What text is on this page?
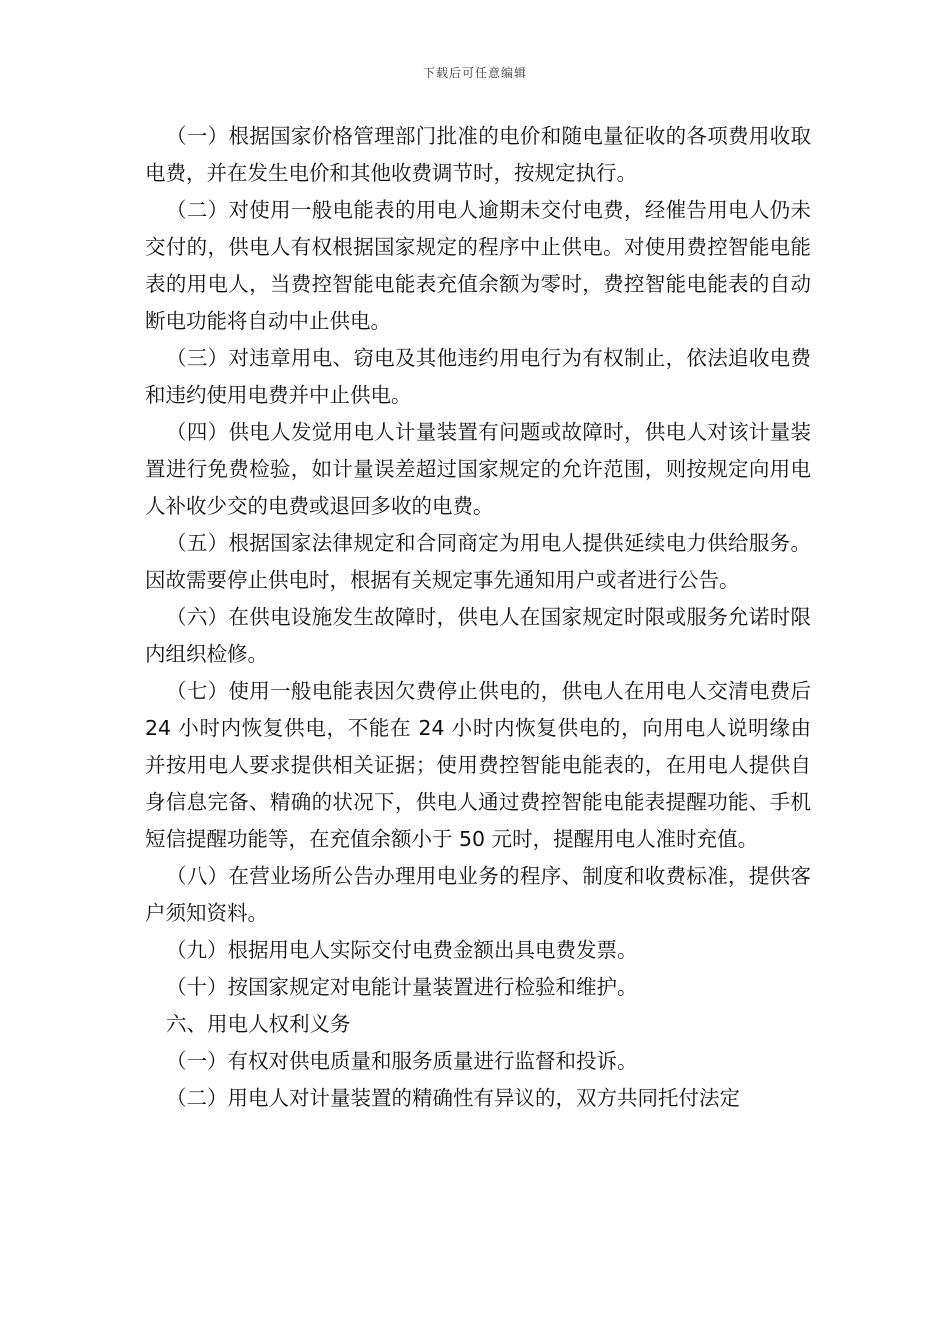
下载后可任意编辑

（一）根据国家价格管理部门批准的电价和随电量征收的各项费用收取电费，并在发生电价和其他收费调节时，按规定执行。

（二）对使用一般电能表的用电人逾期未交付电费，经催告用电人仍未交付的，供电人有权根据国家规定的程序中止供电。对使用费控智能电能表的用电人，当费控智能电能表充值余额为零时，费控智能电能表的自动断电功能将自动中止供电。

（三）对违章用电、窃电及其他违约用电行为有权制止，依法追收电费和违约使用电费并中止供电。

（四）供电人发觉用电人计量装置有问题或故障时，供电人对该计量装置进行免费检验，如计量误差超过国家规定的允许范围，则按规定向用电人补收少交的电费或退回多收的电费。

（五）根据国家法律规定和合同商定为用电人提供延续电力供给服务。因故需要停止供电时，根据有关规定事先通知用户或者进行公告。

（六）在供电设施发生故障时，供电人在国家规定时限或服务允诺时限内组织检修。

（七）使用一般电能表因欠费停止供电的，供电人在用电人交清电费后 24 小时内恢复供电，不能在 24 小时内恢复供电的，向用电人说明缘由并按用电人要求提供相关证据；使用费控智能电能表的，在用电人提供自身信息完备、精确的状况下，供电人通过费控智能电能表提醒功能、手机短信提醒功能等，在充值余额小于 50 元时，提醒用电人准时充值。

（八）在营业场所公告办理用电业务的程序、制度和收费标准，提供客户须知资料。

（九）根据用电人实际交付电费金额出具电费发票。

（十）按国家规定对电能计量装置进行检验和维护。

六、用电人权利义务

（一）有权对供电质量和服务质量进行监督和投诉。

（二）用电人对计量装置的精确性有异议的，双方共同托付法定
